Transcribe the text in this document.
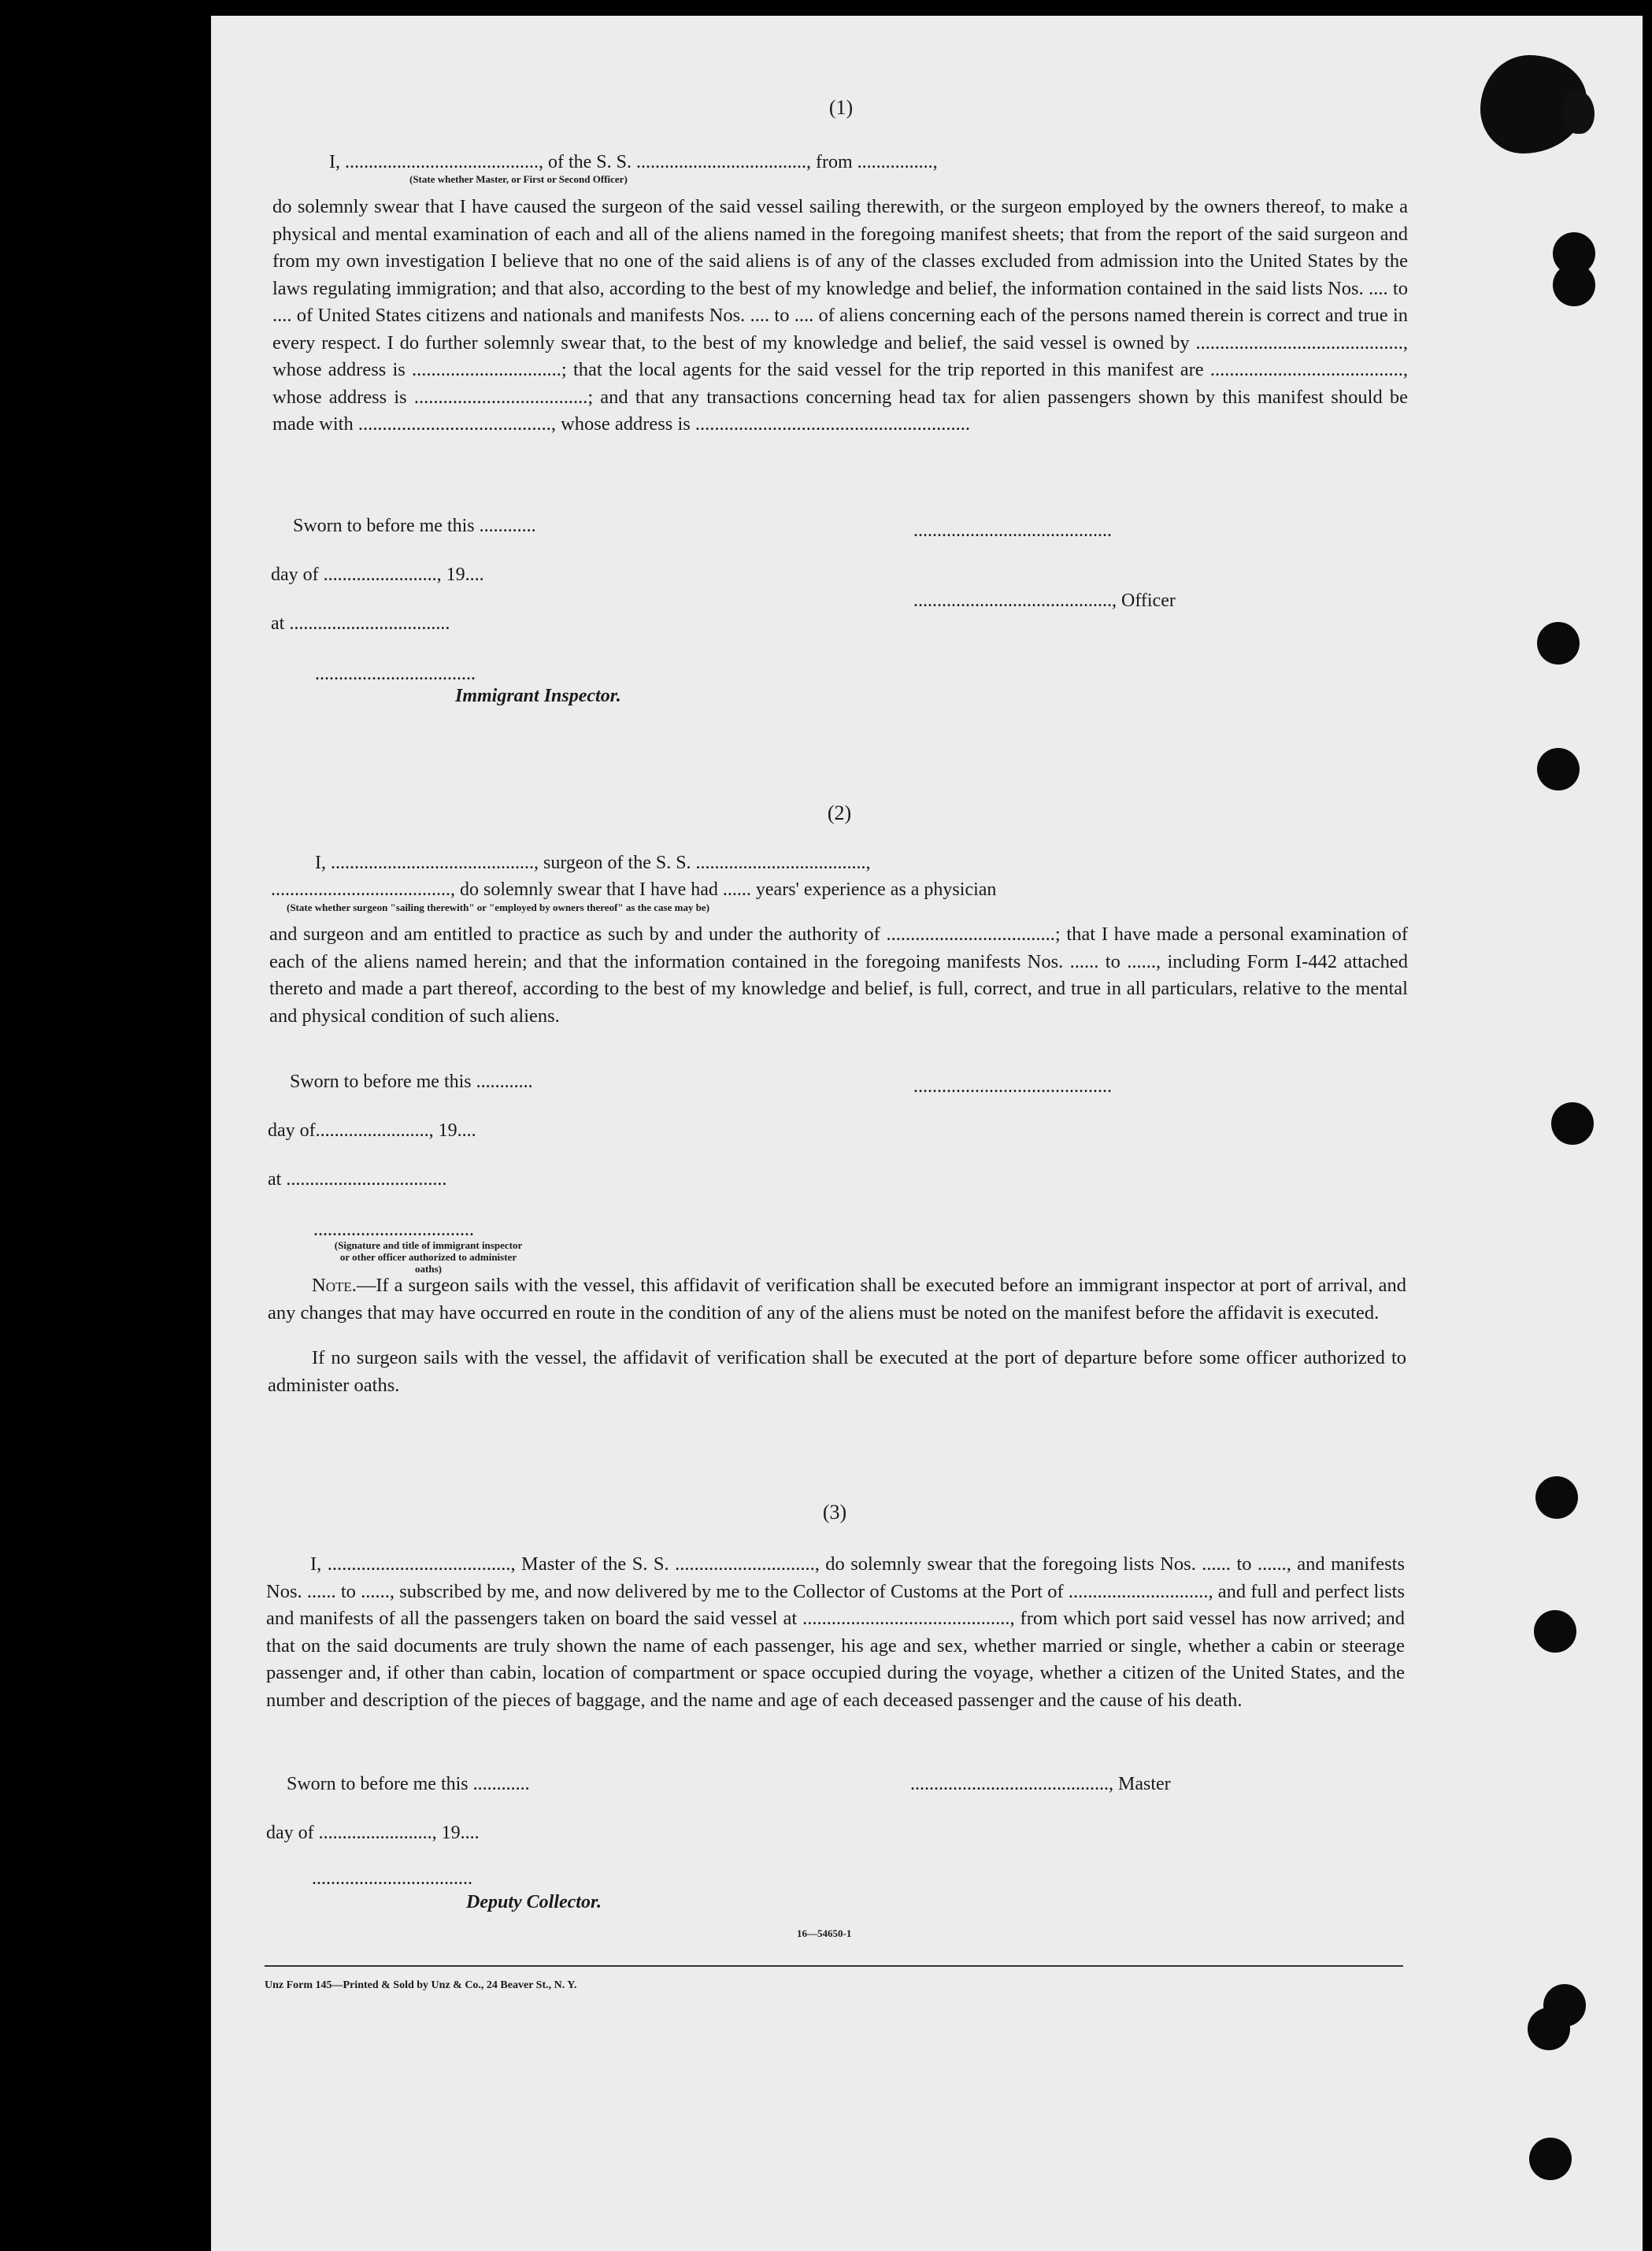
(1)
I, ........................................., of the S. S. ...................................., from ................,
(State whether Master, or First or Second Officer)
do solemnly swear that I have caused the surgeon of the said vessel sailing therewith, or the surgeon employed by the owners thereof, to make a physical and mental examination of each and all of the aliens named in the foregoing manifest sheets; that from the report of the said surgeon and from my own investigation I believe that no one of the said aliens is of any of the classes excluded from admission into the United States by the laws regulating immigration; and that also, according to the best of my knowledge and belief, the information contained in the said lists Nos. .... to .... of United States citizens and nationals and manifests Nos. .... to .... of aliens concerning each of the persons named therein is correct and true in every respect. I do further solemnly swear that, to the best of my knowledge and belief, the said vessel is owned by ..........................................., whose address is ...............................; that the local agents for the said vessel for the trip reported in this manifest are ........................................, whose address is ....................................; and that any transactions concerning head tax for alien passengers shown by this manifest should be made with ........................................, whose address is .........................................................
Sworn to before me this ............	..........................................
day of ........................, 19....
.........................................., Officer
at ..................................
..................................
Immigrant Inspector.
(2)
I, ..........................................., surgeon of the S. S. ....................................,
......................................, do solemnly swear that I have had ...... years' experience as a physician
(State whether surgeon "sailing therewith" or "employed by owners thereof" as the case may be)
and surgeon and am entitled to practice as such by and under the authority of ...................................; that I have made a personal examination of each of the aliens named herein; and that the information contained in the foregoing manifests Nos. ...... to ......, including Form I-442 attached thereto and made a part thereof, according to the best of my knowledge and belief, is full, correct, and true in all particulars, relative to the mental and physical condition of such aliens.
Sworn to before me this ............	..........................................
day of........................, 19....
at ..................................
..................................
(Signature and title of immigrant inspector or other officer authorized to administer oaths)
Note.—If a surgeon sails with the vessel, this affidavit of verification shall be executed before an immigrant inspector at port of arrival, and any changes that may have occurred en route in the condition of any of the aliens must be noted on the manifest before the affidavit is executed.
If no surgeon sails with the vessel, the affidavit of verification shall be executed at the port of departure before some officer authorized to administer oaths.
(3)
I, ......................................, Master of the S. S. ............................., do solemnly swear that the foregoing lists Nos. ...... to ......, and manifests Nos. ...... to ......, subscribed by me, and now delivered by me to the Collector of Customs at the Port of ............................., and full and perfect lists and manifests of all the passengers taken on board the said vessel at ..........................................., from which port said vessel has now arrived; and that on the said documents are truly shown the name of each passenger, his age and sex, whether married or single, whether a cabin or steerage passenger and, if other than cabin, location of compartment or space occupied during the voyage, whether a citizen of the United States, and the number and description of the pieces of baggage, and the name and age of each deceased passenger and the cause of his death.
Sworn to before me this ............	.........................................., Master
day of ........................, 19....
..................................
Deputy Collector.
16—54650-1
Unz Form 145—Printed & Sold by Unz & Co., 24 Beaver St., N. Y.
